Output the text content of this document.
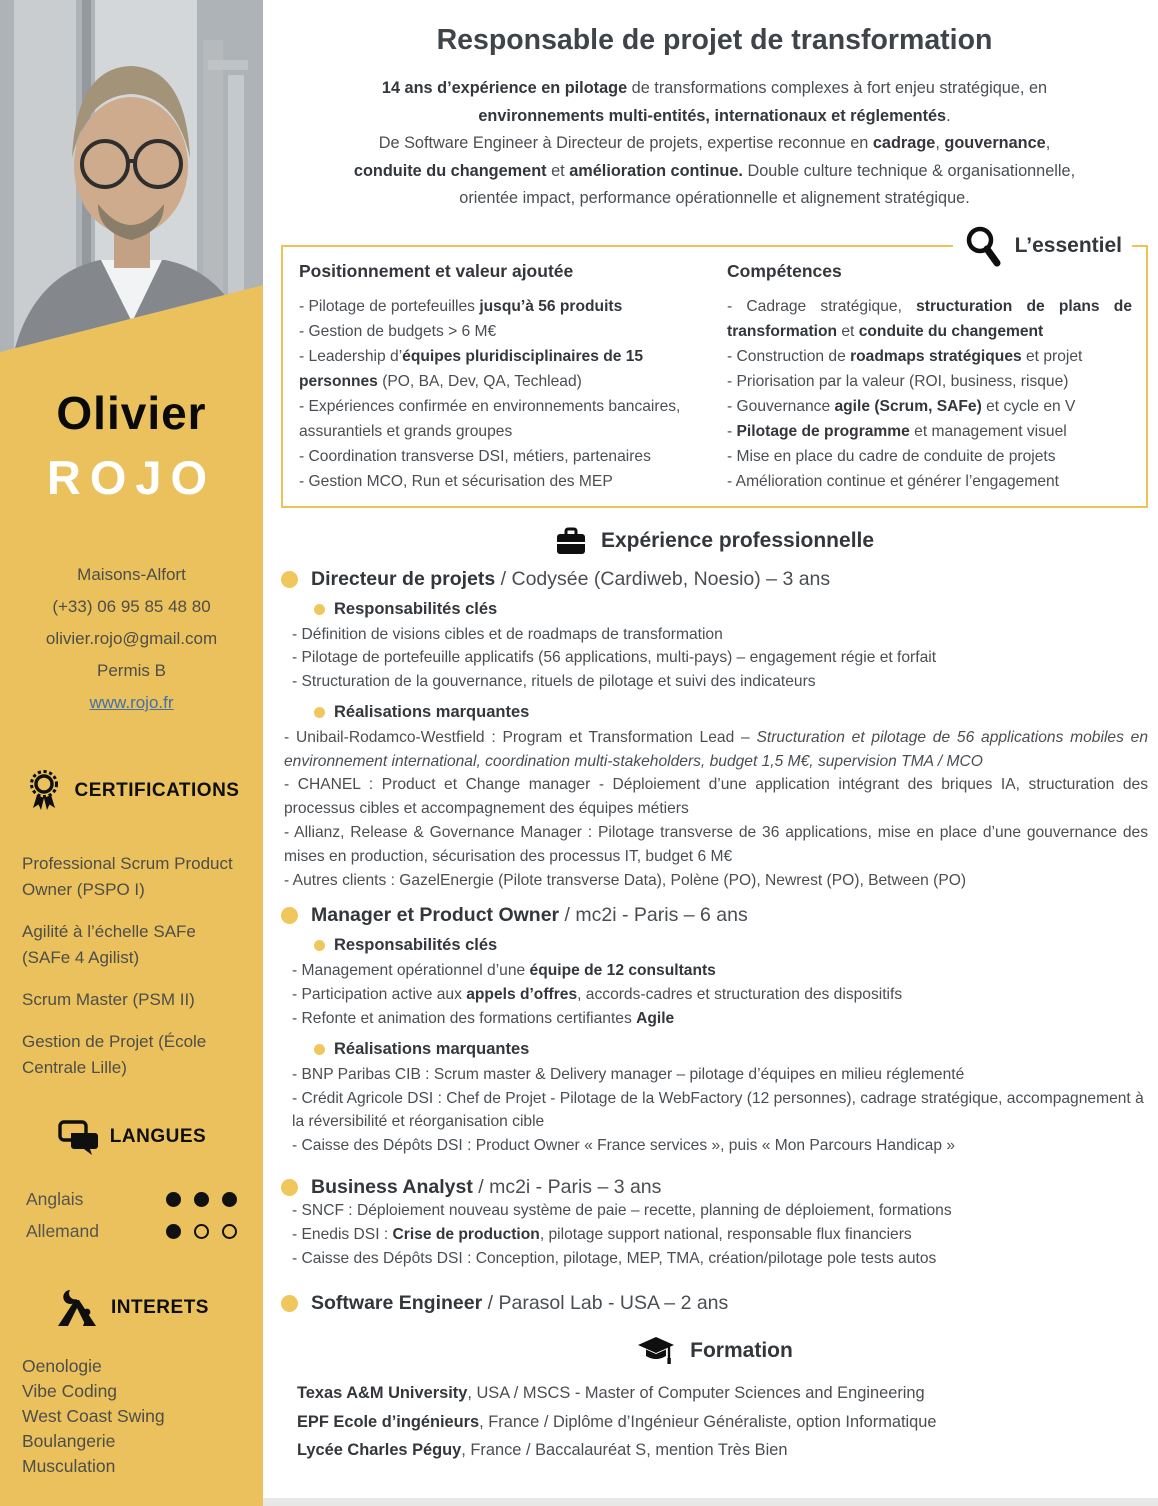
Olivier
ROJO
Maisons-Alfort
(+33) 06 95 85 48 80
olivier.rojo@gmail.com
Permis B
www.rojo.fr
CERTIFICATIONS
Professional Scrum Product Owner (PSPO I)
Agilité à l’échelle SAFe (SAFe 4 Agilist)
Scrum Master (PSM II)
Gestion de Projet (École Centrale Lille)
LANGUES
Anglais
Allemand
INTERETS
Oenologie
Vibe Coding
West Coast Swing
Boulangerie
Musculation
Responsable de projet de transformation
14 ans d’expérience en pilotage de transformations complexes à fort enjeu stratégique, en
environnements multi-entités, internationaux et réglementés.
De Software Engineer à Directeur de projets, expertise reconnue en cadrage, gouvernance,
conduite du changement et amélioration continue. Double culture technique & organisationnelle,
orientée impact, performance opérationnelle et alignement stratégique.
L’essentiel
Positionnement et valeur ajoutée
- Pilotage de portefeuilles jusqu’à 56 produits
- Gestion de budgets > 6 M€
- Leadership d’équipes pluridisciplinaires de 15 personnes (PO, BA, Dev, QA, Techlead)
- Expériences confirmée en environnements bancaires, assurantiels et grands groupes
- Coordination transverse DSI, métiers, partenaires
- Gestion MCO, Run et sécurisation des MEP
Compétences
- Cadrage stratégique, structuration de plans de transformation et conduite du changement
- Construction de roadmaps stratégiques et projet
- Priorisation par la valeur (ROI, business, risque)
- Gouvernance agile (Scrum, SAFe) et cycle en V
- Pilotage de programme et management visuel
- Mise en place du cadre de conduite de projets
- Amélioration continue et générer l’engagement
Expérience professionnelle
Directeur de projets / Codysée (Cardiweb, Noesio) – 3 ans
Responsabilités clés
- Définition de visions cibles et de roadmaps de transformation
- Pilotage de portefeuille applicatifs (56 applications, multi-pays) – engagement régie et forfait
- Structuration de la gouvernance, rituels de pilotage et suivi des indicateurs
Réalisations marquantes
- Unibail-Rodamco-Westfield : Program et Transformation Lead – Structuration et pilotage de 56 applications mobiles en environnement international, coordination multi-stakeholders, budget 1,5 M€, supervision TMA / MCO
- CHANEL : Product et Change manager - Déploiement d’une application intégrant des briques IA, structuration des processus cibles et accompagnement des équipes métiers
- Allianz, Release & Governance Manager : Pilotage transverse de 36 applications, mise en place d’une gouvernance des mises en production, sécurisation des processus IT, budget 6 M€
- Autres clients : GazelEnergie (Pilote transverse Data), Polène (PO), Newrest (PO), Between (PO)
Manager et Product Owner / mc2i - Paris – 6 ans
Responsabilités clés
- Management opérationnel d’une équipe de 12 consultants
- Participation active aux appels d’offres, accords-cadres et structuration des dispositifs
- Refonte et animation des formations certifiantes Agile
Réalisations marquantes
- BNP Paribas CIB : Scrum master & Delivery manager – pilotage d’équipes en milieu réglementé
- Crédit Agricole DSI : Chef de Projet - Pilotage de la WebFactory (12 personnes), cadrage stratégique, accompagnement à la réversibilité et réorganisation cible
- Caisse des Dépôts DSI : Product Owner « France services », puis « Mon Parcours Handicap »
Business Analyst / mc2i - Paris – 3 ans
- SNCF : Déploiement nouveau système de paie – recette, planning de déploiement, formations
- Enedis DSI : Crise de production, pilotage support national, responsable flux financiers
- Caisse des Dépôts DSI : Conception, pilotage, MEP, TMA, création/pilotage pole tests autos
Software Engineer / Parasol Lab - USA – 2 ans
Formation
Texas A&M University, USA / MSCS - Master of Computer Sciences and Engineering
EPF Ecole d’ingénieurs, France / Diplôme d’Ingénieur Généraliste, option Informatique
Lycée Charles Péguy, France / Baccalauréat S, mention Très Bien
